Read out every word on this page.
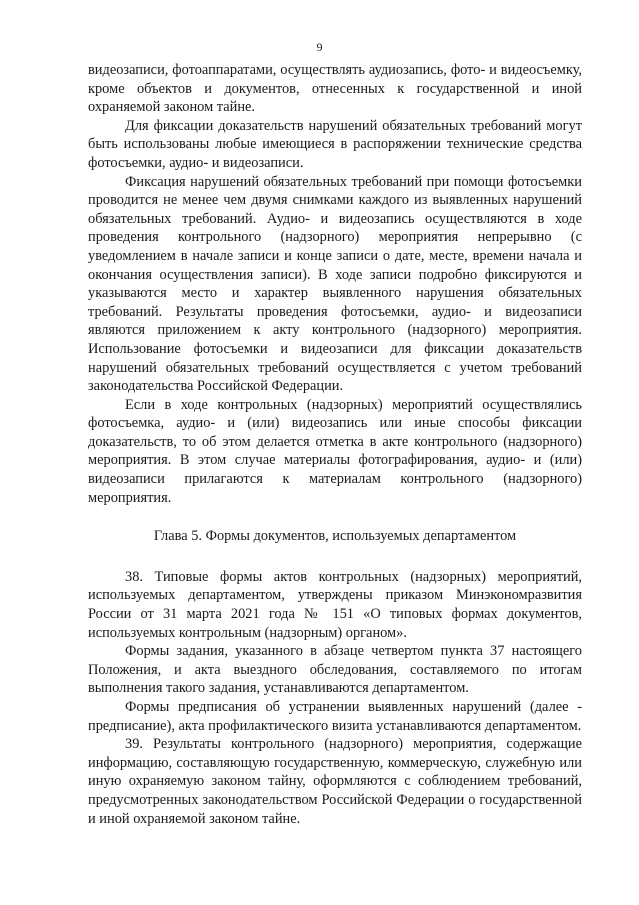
9

видеозаписи, фотоаппаратами, осуществлять аудиозапись, фото- и видеосъемку, кроме объектов и документов, отнесенных к государственной и иной охраняемой законом тайне.

Для фиксации доказательств нарушений обязательных требований могут быть использованы любые имеющиеся в распоряжении технические средства фотосъемки, аудио- и видеозаписи.

Фиксация нарушений обязательных требований при помощи фотосъемки проводится не менее чем двумя снимками каждого из выявленных нарушений обязательных требований. Аудио- и видеозапись осуществляются в ходе проведения контрольного (надзорного) мероприятия непрерывно (с уведомлением в начале записи и конце записи о дате, месте, времени начала и окончания осуществления записи). В ходе записи подробно фиксируются и указываются место и характер выявленного нарушения обязательных требований. Результаты проведения фотосъемки, аудио- и видеозаписи являются приложением к акту контрольного (надзорного) мероприятия. Использование фотосъемки и видеозаписи для фиксации доказательств нарушений обязательных требований осуществляется с учетом требований законодательства Российской Федерации.

Если в ходе контрольных (надзорных) мероприятий осуществлялись фотосъемка, аудио- и (или) видеозапись или иные способы фиксации доказательств, то об этом делается отметка в акте контрольного (надзорного) мероприятия. В этом случае материалы фотографирования, аудио- и (или) видеозаписи прилагаются к материалам контрольного (надзорного) мероприятия.

Глава 5. Формы документов, используемых департаментом

38. Типовые формы актов контрольных (надзорных) мероприятий, используемых департаментом, утверждены приказом Минэкономразвития России от 31 марта 2021 года № 151 «О типовых формах документов, используемых контрольным (надзорным) органом».

Формы задания, указанного в абзаце четвертом пункта 37 настоящего Положения, и акта выездного обследования, составляемого по итогам выполнения такого задания, устанавливаются департаментом.

Формы предписания об устранении выявленных нарушений (далее - предписание), акта профилактического визита устанавливаются департаментом.

39. Результаты контрольного (надзорного) мероприятия, содержащие информацию, составляющую государственную, коммерческую, служебную или иную охраняемую законом тайну, оформляются с соблюдением требований, предусмотренных законодательством Российской Федерации о государственной и иной охраняемой законом тайне.
